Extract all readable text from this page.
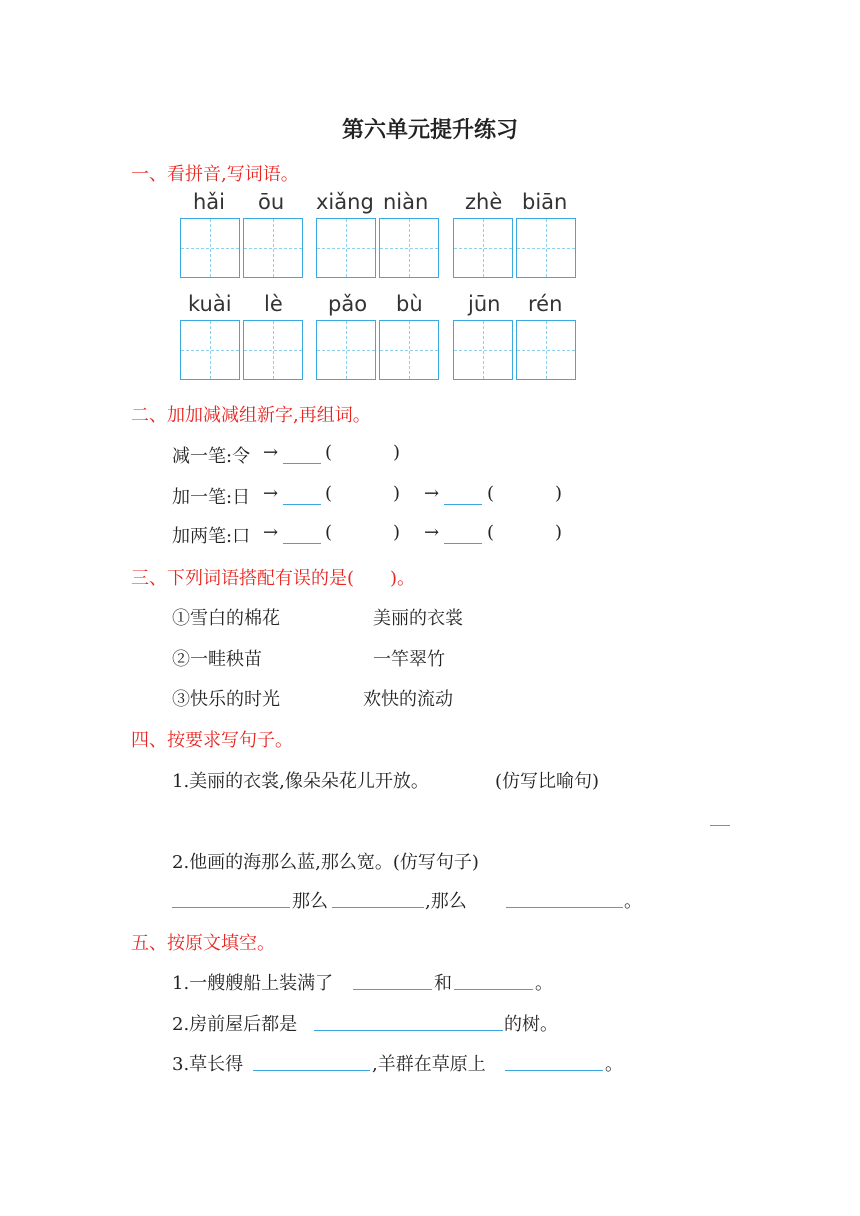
第六单元提升练习
一、看拼音,写词语。
hǎi ōu xiǎng niàn zhè biān
kuài lè pǎo bù jūn rén
二、加加减减组新字,再组词。
减一笔:令 →	(	)
加一笔:日 →	(	) →	(	)
加两笔:口 →	(	) →	(	)
三、下列词语搭配有误的是(　　)。
①雪白的棉花	美丽的衣裳
②一畦秧苗	一竿翠竹
③快乐的时光	欢快的流动
四、按要求写句子。
1.美丽的衣裳,像朵朵花儿开放。	(仿写比喻句)
2.他画的海那么蓝,那么宽。(仿写句子)
那么	,那么	。
五、按原文填空。
1.一艘艘船上装满了	和	。
2.房前屋后都是	的树。
3.草长得	,羊群在草原上	。
